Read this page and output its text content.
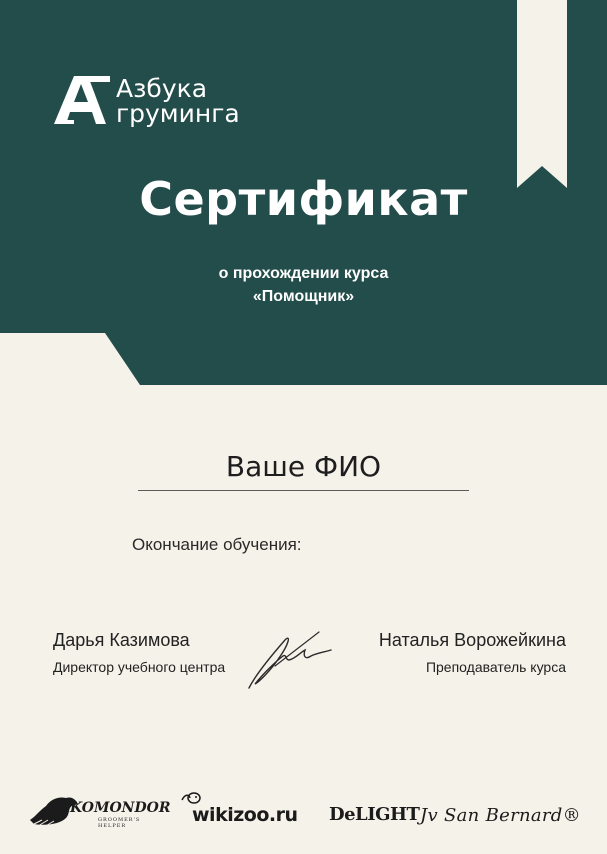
Азбука
груминга
Сертификат
о прохождении курса
«Помощник»
Ваше ФИО
Окончание обучения:
Дарья Казимова
Директор учебного центра
Наталья Ворожейкина
Преподаватель курса
KOMONDOR
GROOMER'S HELPER	wikizoo.ru DeLIGHT Jv San Bernard®
